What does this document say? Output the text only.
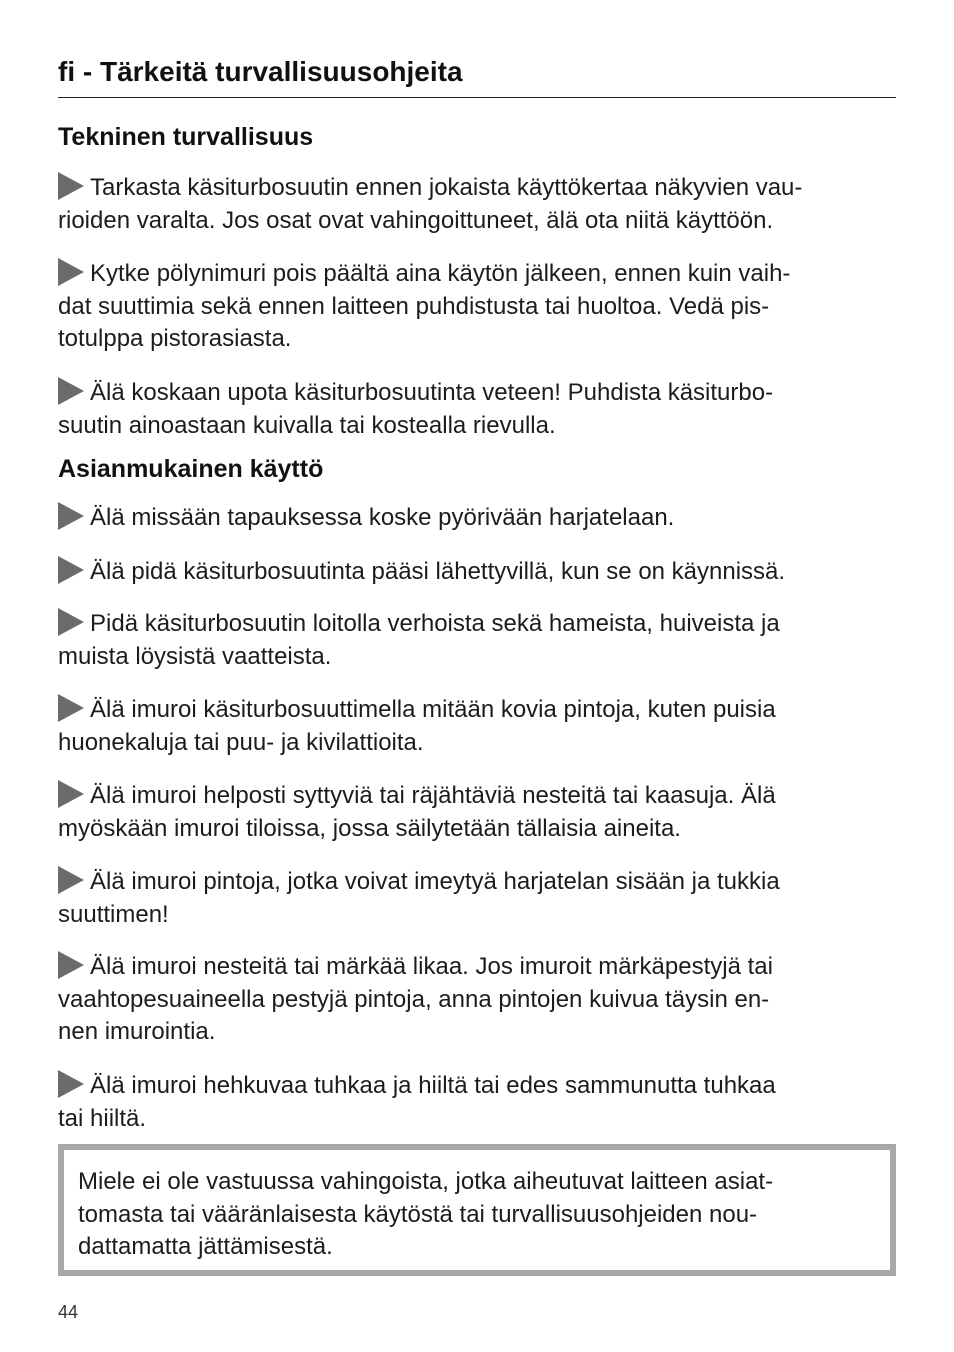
fi - Tärkeitä turvallisuusohjeita
Tekninen turvallisuus
Tarkasta käsiturbosuutin ennen jokaista käyttökertaa näkyvien vau-
rioiden varalta. Jos osat ovat vahingoittuneet, älä ota niitä käyttöön.
Kytke pölynimuri pois päältä aina käytön jälkeen, ennen kuin vaih-
dat suuttimia sekä ennen laitteen puhdistusta tai huoltoa. Vedä pis-
totulppa pistorasiasta.
Älä koskaan upota käsiturbosuutinta veteen! Puhdista käsiturbo-
suutin ainoastaan kuivalla tai kostealla rievulla.
Asianmukainen käyttö
Älä missään tapauksessa koske pyörivään harjatelaan.
Älä pidä käsiturbosuutinta pääsi lähettyvillä, kun se on käynnissä.
Pidä käsiturbosuutin loitolla verhoista sekä hameista, huiveista ja
muista löysistä vaatteista.
Älä imuroi käsiturbosuuttimella mitään kovia pintoja, kuten puisia
huonekaluja tai puu- ja kivilattioita.
Älä imuroi helposti syttyviä tai räjähtäviä nesteitä tai kaasuja. Älä
myöskään imuroi tiloissa, jossa säilytetään tällaisia aineita.
Älä imuroi pintoja, jotka voivat imeytyä harjatelan sisään ja tukkia
suuttimen!
Älä imuroi nesteitä tai märkää likaa. Jos imuroit märkäpestyjä tai
vaahtopesuaineella pestyjä pintoja, anna pintojen kuivua täysin en-
nen imurointia.
Älä imuroi hehkuvaa tuhkaa ja hiiltä tai edes sammunutta tuhkaa
tai hiiltä.
Miele ei ole vastuussa vahingoista, jotka aiheutuvat laitteen asiat-
tomasta tai vääränlaisesta käytöstä tai turvallisuusohjeiden nou-
dattamatta jättämisestä.
44
